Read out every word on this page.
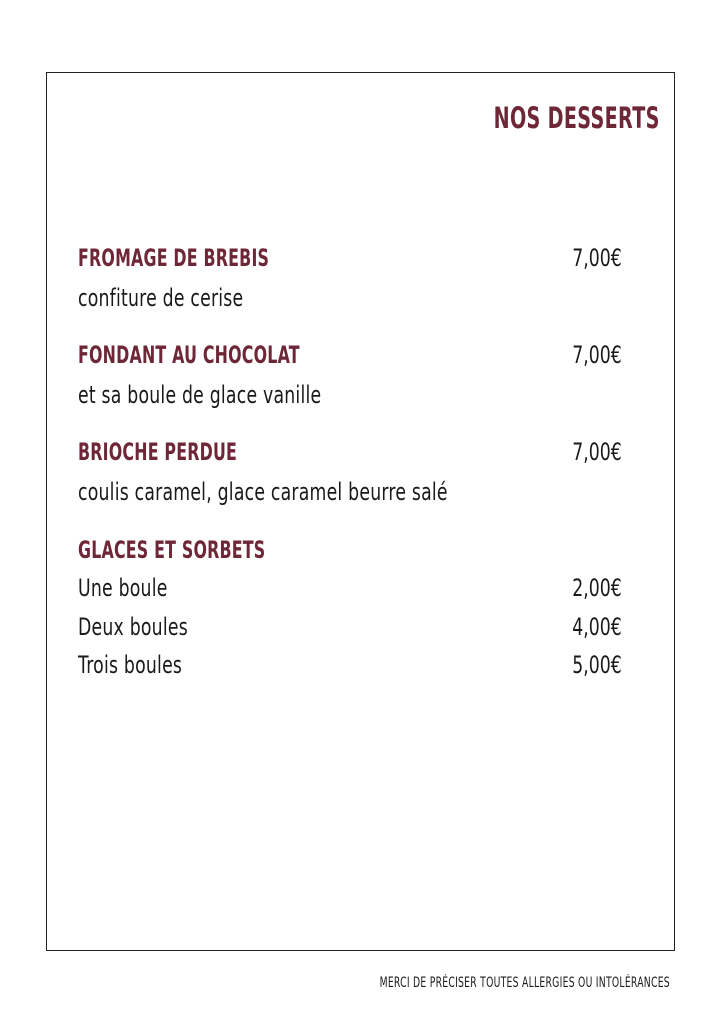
NOS DESSERTS
FROMAGE DE BREBIS	7,00€
confiture de cerise
FONDANT AU CHOCOLAT	7,00€
et sa boule de glace vanille
BRIOCHE PERDUE	7,00€
coulis caramel, glace caramel beurre salé
GLACES ET SORBETS
Une boule	2,00€
Deux boules	4,00€
Trois boules	5,00€
MERCI DE PRÉCISER TOUTES ALLERGIES OU INTOLÉRANCES
